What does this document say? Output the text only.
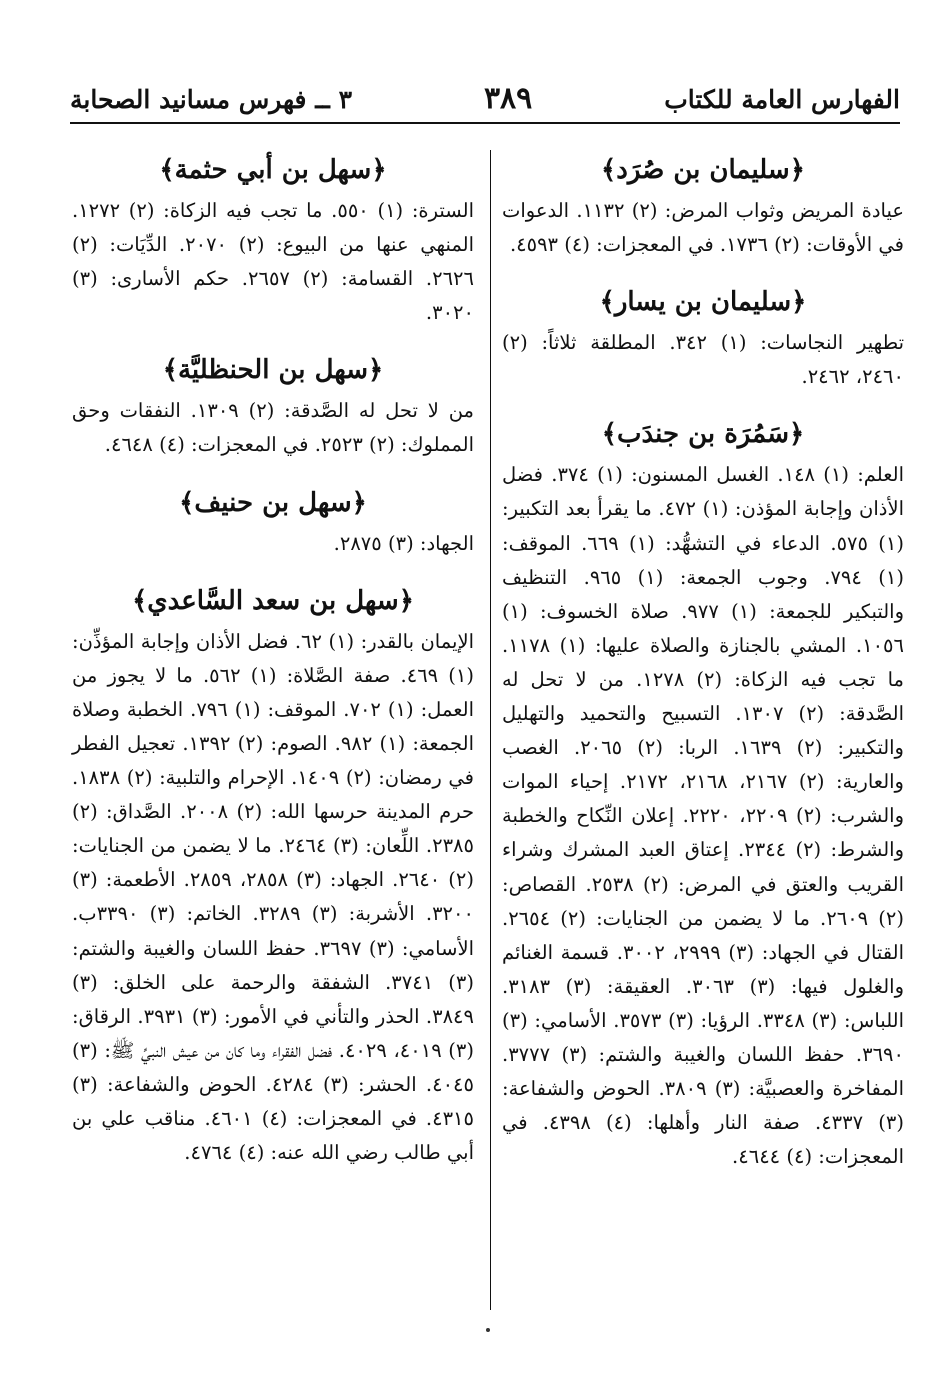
الفهارس العامة للكتاب
٣٨٩
٣ ــ فهرس مسانيد الصحابة
﴿سليمان بن صُرَد﴾
عيادة المريض وثواب المرض: (٢) ١١٣٢. الدعوات في الأوقات: (٢) ١٧٣٦. في المعجزات: (٤) ٤٥٩٣.
﴿سليمان بن يسار﴾
تطهير النجاسات: (١) ٣٤٢. المطلقة ثلاثاً: (٢) ٢٤٦٠، ٢٤٦٢.
﴿سَمُرَة بن جندَب﴾
العلم: (١) ١٤٨. الغسل المسنون: (١) ٣٧٤. فضل الأذان وإجابة المؤذن: (١) ٤٧٢. ما يقرأ بعد التكبير: (١) ٥٧٥. الدعاء في التشهُّد: (١) ٦٦٩. الموقف: (١) ٧٩٤. وجوب الجمعة: (١) ٩٦٥. التنظيف والتبكير للجمعة: (١) ٩٧٧. صلاة الخسوف: (١) ١٠٥٦. المشي بالجنازة والصلاة عليها: (١) ١١٧٨. ما تجب فيه الزكاة: (٢) ١٢٧٨. من لا تحل له الصَّدقة: (٢) ١٣٠٧. التسبيح والتحميد والتهليل والتكبير: (٢) ١٦٣٩. الربا: (٢) ٢٠٦٥. الغصب والعارية: (٢) ٢١٦٧، ٢١٦٨، ٢١٧٢. إحياء الموات والشرب: (٢) ٢٢٠٩، ٢٢٢٠. إعلان النِّكاح والخطبة والشرط: (٢) ٢٣٤٤. إعتاق العبد المشرك وشراء القريب والعتق في المرض: (٢) ٢٥٣٨. القصاص: (٢) ٢٦٠٩. ما لا يضمن من الجنايات: (٢) ٢٦٥٤. القتال في الجهاد: (٣) ٢٩٩٩، ٣٠٠٢. قسمة الغنائم والغلول فيها: (٣) ٣٠٦٣. العقيقة: (٣) ٣١٨٣. اللباس: (٣) ٣٣٤٨. الرؤيا: (٣) ٣٥٧٣. الأسامي: (٣) ٣٦٩٠. حفظ اللسان والغيبة والشتم: (٣) ٣٧٧٧. المفاخرة والعصبيَّة: (٣) ٣٨٠٩. الحوض والشفاعة: (٣) ٤٣٣٧. صفة النار وأهلها: (٤) ٤٣٩٨. في المعجزات: (٤) ٤٦٤٤.
﴿سهل بن أبي حثمة﴾
السترة: (١) ٥٥٠. ما تجب فيه الزكاة: (٢) ١٢٧٢. المنهي عنها من البيوع: (٢) ٢٠٧٠. الدِّيَات: (٢) ٢٦٢٦. القسامة: (٢) ٢٦٥٧. حكم الأسارى: (٣) ٣٠٢٠.
﴿سهل بن الحنظليَّة﴾
من لا تحل له الصَّدقة: (٢) ١٣٠٩. النفقات وحق المملوك: (٢) ٢٥٢٣. في المعجزات: (٤) ٤٦٤٨.
﴿سهل بن حنيف﴾
الجهاد: (٣) ٢٨٧٥.
﴿سهل بن سعد السَّاعدي﴾
الإيمان بالقدر: (١) ٦٢. فضل الأذان وإجابة المؤذِّن: (١) ٤٦٩. صفة الصَّلاة: (١) ٥٦٢. ما لا يجوز من العمل: (١) ٧٠٢. الموقف: (١) ٧٩٦. الخطبة وصلاة الجمعة: (١) ٩٨٢. الصوم: (٢) ١٣٩٢. تعجيل الفطر في رمضان: (٢) ١٤٠٩. الإحرام والتلبية: (٢) ١٨٣٨. حرم المدينة حرسها الله: (٢) ٢٠٠٨. الصَّداق: (٢) ٢٣٨٥. اللِّعان: (٣) ٢٤٦٤. ما لا يضمن من الجنايات: (٢) ٢٦٤٠. الجهاد: (٣) ٢٨٥٨، ٢٨٥٩. الأطعمة: (٣) ٣٢٠٠. الأشربة: (٣) ٣٢٨٩. الخاتم: (٣) ٣٣٩٠ب. الأسامي: (٣) ٣٦٩٧. حفظ اللسان والغيبة والشتم: (٣) ٣٧٤١. الشفقة والرحمة على الخلق: (٣) ٣٨٤٩. الحذر والتأني في الأمور: (٣) ٣٩٣١. الرقاق: (٣) ٤٠١٩، ٤٠٢٩. فضل الفقراء وما كان من عيش النبيِّ ﷺ: (٣) ٤٠٤٥. الحشر: (٣) ٤٢٨٤. الحوض والشفاعة: (٣) ٤٣١٥. في المعجزات: (٤) ٤٦٠١. مناقب علي بن أبي طالب رضي الله عنه: (٤) ٤٧٦٤.
